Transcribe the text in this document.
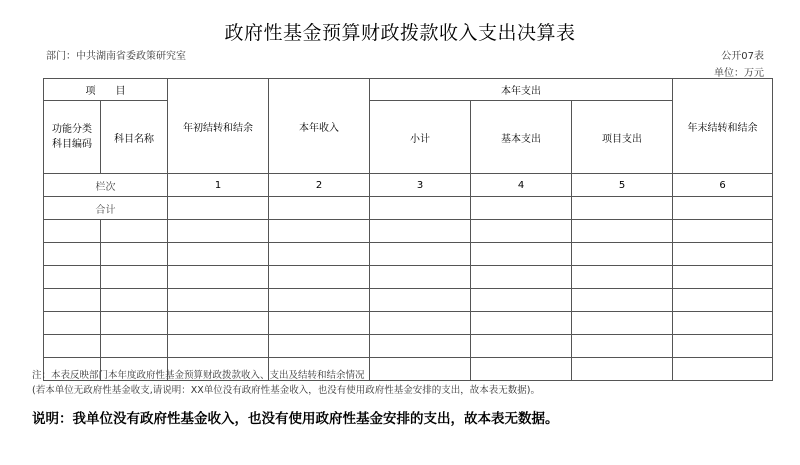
政府性基金预算财政拨款收入支出决算表
部门：中共湖南省委政策研究室	公开07表
单位：万元
项　　目		年初结转和结余	本年收入	本年支出			年末结转和结余
功能分类科目编码	科目名称			小计	基本支出	项目支出	
栏次		1	2	3	4	5	6
合计							

注：本表反映部门本年度政府性基金预算财政拨款收入、支出及结转和结余情况
(若本单位无政府性基金收支,请说明：XX单位没有政府性基金收入，也没有使用政府性基金安排的支出，故本表无数据)。
说明：我单位没有政府性基金收入，也没有使用政府性基金安排的支出，故本表无数据。
